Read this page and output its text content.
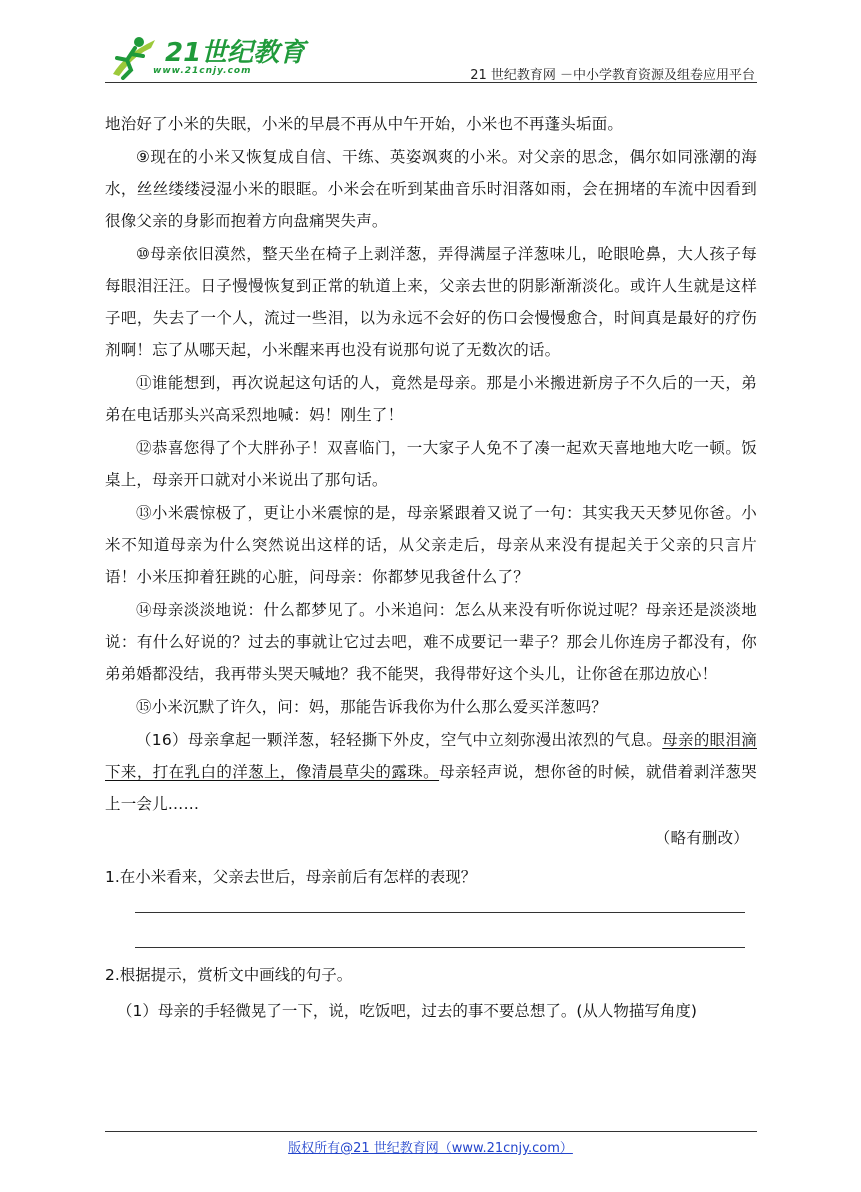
21世纪教育
www.21cnjy.com	21 世纪教育网 －中小学教育资源及组卷应用平台

地治好了小米的失眠，小米的早晨不再从中午开始，小米也不再蓬头垢面。

⑨现在的小米又恢复成自信、干练、英姿飒爽的小米。对父亲的思念，偶尔如同涨潮的海水，丝丝缕缕浸湿小米的眼眶。小米会在听到某曲音乐时泪落如雨，会在拥堵的车流中因看到很像父亲的身影而抱着方向盘痛哭失声。

⑩母亲依旧漠然，整天坐在椅子上剥洋葱，弄得满屋子洋葱味儿，呛眼呛鼻，大人孩子每每眼泪汪汪。日子慢慢恢复到正常的轨道上来，父亲去世的阴影渐渐淡化。或许人生就是这样子吧，失去了一个人，流过一些泪，以为永远不会好的伤口会慢慢愈合，时间真是最好的疗伤剂啊！忘了从哪天起，小米醒来再也没有说那句说了无数次的话。

⑪谁能想到，再次说起这句话的人，竟然是母亲。那是小米搬进新房子不久后的一天，弟弟在电话那头兴高采烈地喊：妈！刚生了！

⑫恭喜您得了个大胖孙子！双喜临门，一大家子人免不了凑一起欢天喜地地大吃一顿。饭桌上，母亲开口就对小米说出了那句话。

⑬小米震惊极了，更让小米震惊的是，母亲紧跟着又说了一句：其实我天天梦见你爸。小米不知道母亲为什么突然说出这样的话，从父亲走后，母亲从来没有提起关于父亲的只言片语！小米压抑着狂跳的心脏，问母亲：你都梦见我爸什么了？

⑭母亲淡淡地说：什么都梦见了。小米追问：怎么从来没有听你说过呢？母亲还是淡淡地说：有什么好说的？过去的事就让它过去吧，难不成要记一辈子？那会儿你连房子都没有，你弟弟婚都没结，我再带头哭天喊地？我不能哭，我得带好这个头儿，让你爸在那边放心！

⑮小米沉默了许久，问：妈，那能告诉我你为什么那么爱买洋葱吗？

（16）母亲拿起一颗洋葱，轻轻撕下外皮，空气中立刻弥漫出浓烈的气息。母亲的眼泪滴下来，打在乳白的洋葱上，像清晨草尖的露珠。母亲轻声说，想你爸的时候，就借着剥洋葱哭上一会儿……

（略有删改）

1.在小米看来，父亲去世后，母亲前后有怎样的表现？

2.根据提示，赏析文中画线的句子。

（1）母亲的手轻微晃了一下，说，吃饭吧，过去的事不要总想了。(从人物描写角度)

版权所有@21 世纪教育网（www.21cnjy.com）
